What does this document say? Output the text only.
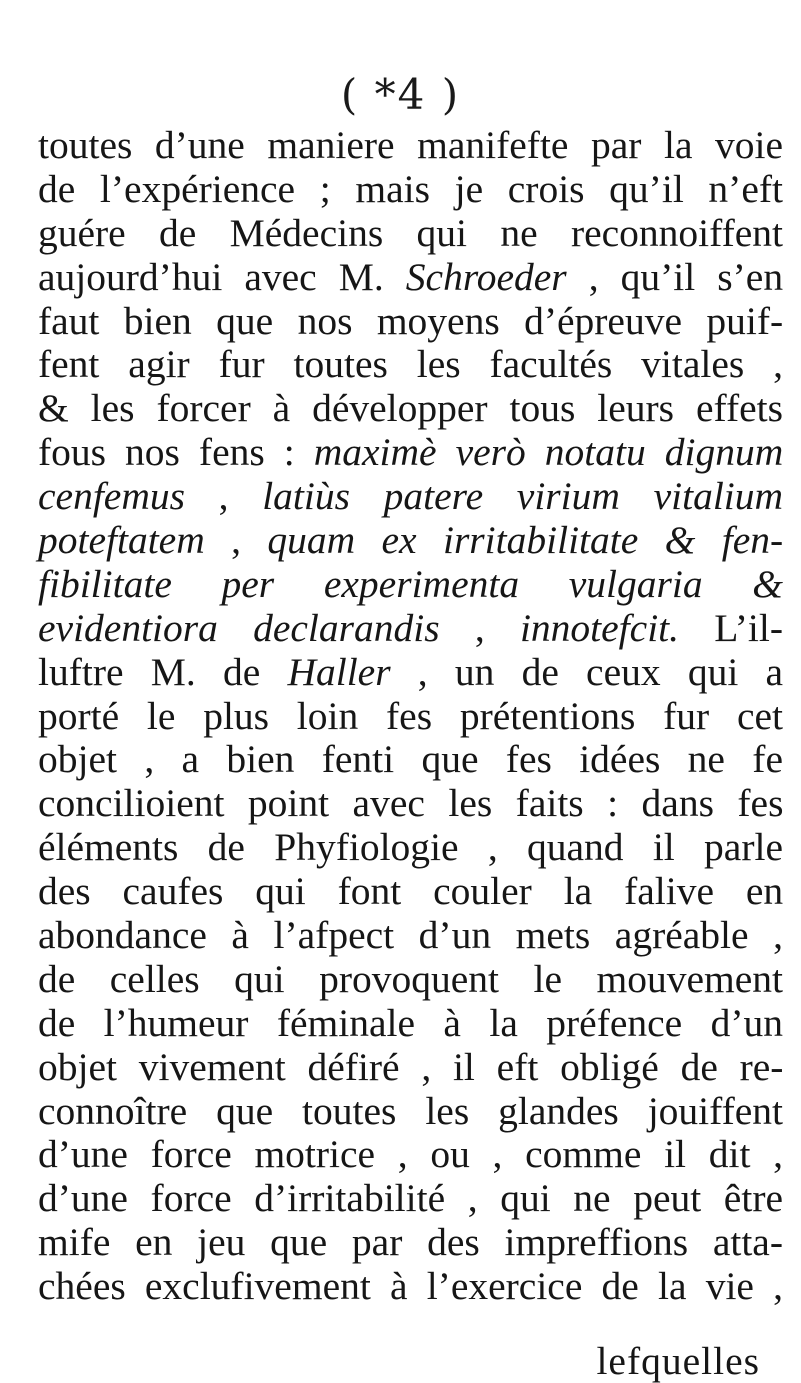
( *4 )
toutes d’une maniere manifefte par la voie
de l’expérience ; mais je crois qu’il n’eft
guére de Médecins qui ne reconnoiffent
aujourd’hui avec M. Schroeder , qu’il s’en
faut bien que nos moyens d’épreuve puif-
fent agir fur toutes les facultés vitales ,
& les forcer à développer tous leurs effets
fous nos fens : maximè verò notatu dignum
cenfemus , latiùs patere virium vitalium
poteftatem , quam ex irritabilitate & fen-
fibilitate per experimenta vulgaria &
evidentiora declarandis , innotefcit. L’il-
luftre M. de Haller , un de ceux qui a
porté le plus loin fes prétentions fur cet
objet , a bien fenti que fes idées ne fe
concilioient point avec les faits : dans fes
éléments de Phyfiologie , quand il parle
des caufes qui font couler la falive en
abondance à l’afpect d’un mets agréable ,
de celles qui provoquent le mouvement
de l’humeur féminale à la préfence d’un
objet vivement défiré , il eft obligé de re-
connoître que toutes les glandes jouiffent
d’une force motrice , ou , comme il dit ,
d’une force d’irritabilité , qui ne peut être
mife en jeu que par des impreffions atta-
chées exclufivement à l’exercice de la vie ,
lefquelles
